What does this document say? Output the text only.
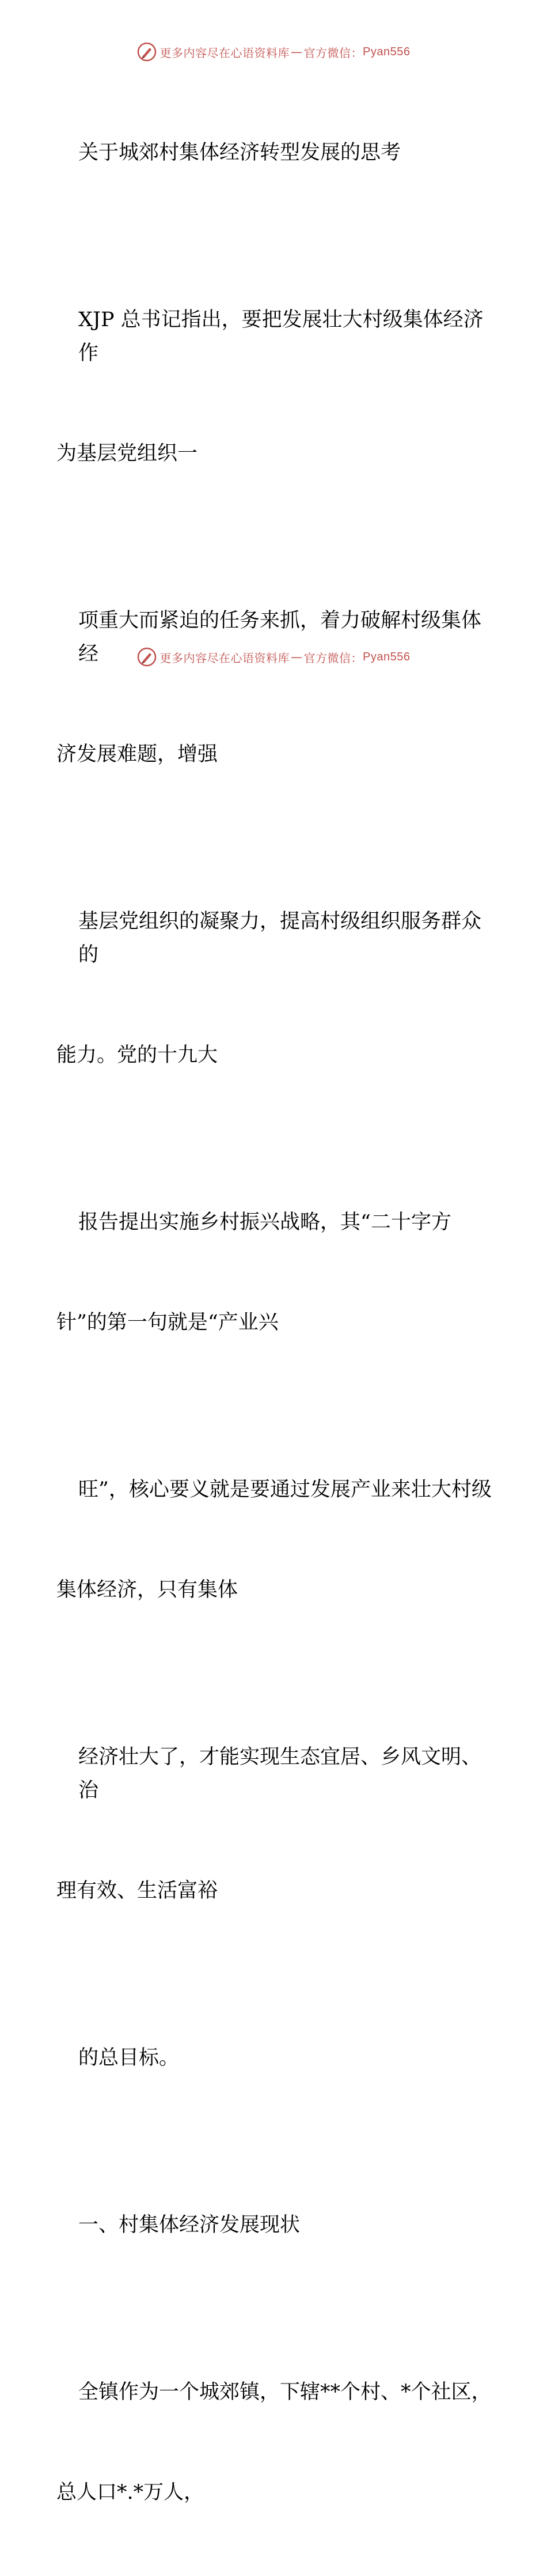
更多内容尽在心语资料库 — 官方微信： Pyan556

关于城郊村集体经济转型发展的思考

XJP 总书记指出，要把发展壮大村级集体经济作

为基层党组织一

项重大而紧迫的任务来抓，着力破解村级集体经

济发展难题，增强

基层党组织的凝聚力，提高村级组织服务群众的

能力。党的十九大

报告提出实施乡村振兴战略，其“二十字方

针”的第一句就是“产业兴

旺”，核心要义就是要通过发展产业来壮大村级

集体经济，只有集体

经济壮大了，才能实现生态宜居、乡风文明、治

理有效、生活富裕

的总目标。

一、村集体经济发展现状

全镇作为一个城郊镇，下辖**个村、*个社区，

总人口*.*万人，

更多内容尽在心语资料库 — 官方微信： Pyan556
